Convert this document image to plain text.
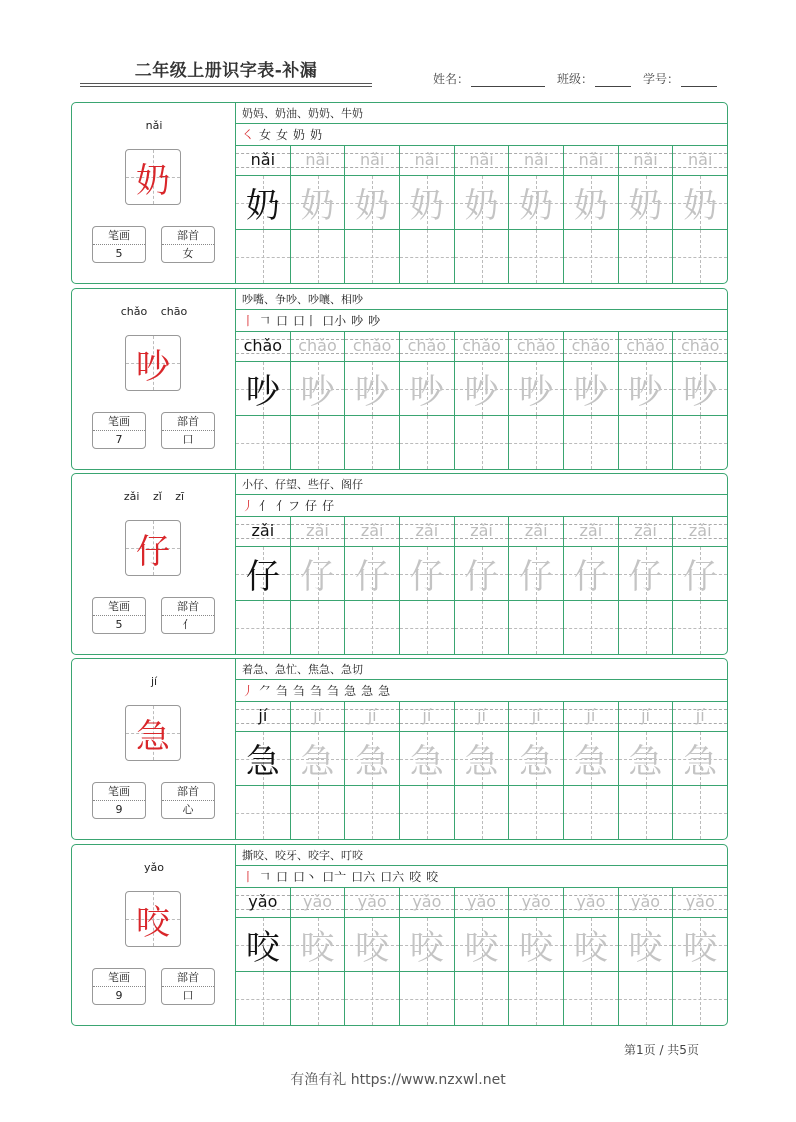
二年级上册识字表-补漏	姓名：	班级：	学号：
nǎi
奶
笔画
5
部首
女
奶妈、奶油、奶奶、牛奶
㇛ 女 女 奶 奶
nǎi
奶
nǎi
奶
nǎi
奶
nǎi
奶
nǎi
奶
nǎi
奶
nǎi
奶
nǎi
奶
nǎi
奶
chǎo chāo
吵
笔画
7
部首
口
吵嘴、争吵、吵嚷、相吵
丨 𠃍 口 口丨 口小 吵 吵
chǎo
吵
chǎo
吵
chǎo
吵
chǎo
吵
chǎo
吵
chǎo
吵
chǎo
吵
chǎo
吵
chǎo
吵
zǎi zǐ zī
仔
笔画
5
部首
亻
小仔、仔望、些仔、阁仔
丿 亻 亻フ 仔 仔
zǎi
仔
zǎi
仔
zǎi
仔
zǎi
仔
zǎi
仔
zǎi
仔
zǎi
仔
zǎi
仔
zǎi
仔
jí
急
笔画
9
部首
心
着急、急忙、焦急、急切
丿 ⺈ 刍 刍 刍 刍 急 急 急
jí
急
jí
急
jí
急
jí
急
jí
急
jí
急
jí
急
jí
急
jí
急
yǎo
咬
笔画
9
部首
口
撕咬、咬牙、咬字、叮咬
丨 𠃍 口 口丶 口亠 口六 口六 咬 咬
yǎo
咬
yǎo
咬
yǎo
咬
yǎo
咬
yǎo
咬
yǎo
咬
yǎo
咬
yǎo
咬
yǎo
咬
第1页 / 共5页
有渔有礼 https://www.nzxwl.net
